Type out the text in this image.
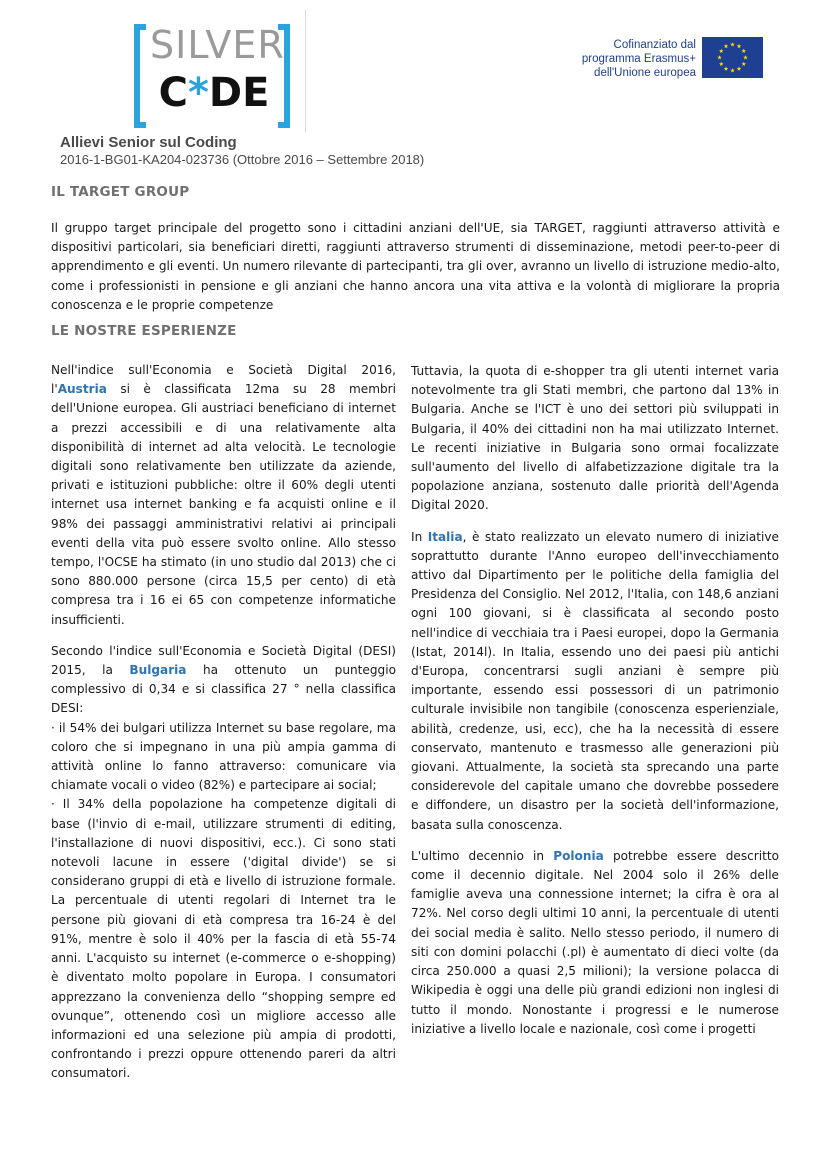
SILVER
C*DE
Cofinanziato dal
programma Erasmus+
dell'Unione europea
Allievi Senior sul Coding
2016-1-BG01-KA204-023736 (Ottobre 2016 – Settembre 2018)
IL TARGET GROUP
Il gruppo target principale del progetto sono i cittadini anziani dell'UE, sia TARGET, raggiunti attraverso attività e dispositivi particolari, sia beneficiari diretti, raggiunti attraverso strumenti di disseminazione, metodi peer-to-peer di apprendimento e gli eventi. Un numero rilevante di partecipanti, tra gli over, avranno un livello di istruzione medio-alto, come i professionisti in pensione e gli anziani che hanno ancora una vita attiva e la volontà di migliorare la propria conoscenza e le proprie competenze
LE NOSTRE ESPERIENZE

Nell'indice sull'Economia e Società Digital 2016, l'Austria si è classificata 12ma su 28 membri dell'Unione europea. Gli austriaci beneficiano di internet a prezzi accessibili e di una relativamente alta disponibilità di internet ad alta velocità. Le tecnologie digitali sono relativamente ben utilizzate da aziende, privati e istituzioni pubbliche: oltre il 60% degli utenti internet usa internet banking e fa acquisti online e il 98% dei passaggi amministrativi relativi ai principali eventi della vita può essere svolto online. Allo stesso tempo, l'OCSE ha stimato (in uno studio dal 2013) che ci sono 880.000 persone (circa 15,5 per cento) di età compresa tra i 16 ei 65 con competenze informatiche insufficienti.

Secondo l'indice sull'Economia e Società Digital (DESI) 2015, la Bulgaria ha ottenuto un punteggio complessivo di 0,34 e si classifica 27 ° nella classifica DESI:

· il 54% dei bulgari utilizza Internet su base regolare, ma coloro che si impegnano in una più ampia gamma di attività online lo fanno attraverso: comunicare via chiamate vocali o video (82%) e partecipare ai social;

· Il 34% della popolazione ha competenze digitali di base (l'invio di e-mail, utilizzare strumenti di editing, l'installazione di nuovi dispositivi, ecc.). Ci sono stati notevoli lacune in essere ('digital divide') se si considerano gruppi di età e livello di istruzione formale. La percentuale di utenti regolari di Internet tra le persone più giovani di età compresa tra 16-24 è del 91%, mentre è solo il 40% per la fascia di età 55-74 anni. L'acquisto su internet (e-commerce o e-shopping) è diventato molto popolare in Europa. I consumatori apprezzano la convenienza dello “shopping sempre ed ovunque”, ottenendo così un migliore accesso alle informazioni ed una selezione più ampia di prodotti, confrontando i prezzi oppure ottenendo pareri da altri consumatori.

Tuttavia, la quota di e-shopper tra gli utenti internet varia notevolmente tra gli Stati membri, che partono dal 13% in Bulgaria. Anche se l'ICT è uno dei settori più sviluppati in Bulgaria, il 40% dei cittadini non ha mai utilizzato Internet. Le recenti iniziative in Bulgaria sono ormai focalizzate sull'aumento del livello di alfabetizzazione digitale tra la popolazione anziana, sostenuto dalle priorità dell'Agenda Digital 2020.

In Italia, è stato realizzato un elevato numero di iniziative soprattutto durante l'Anno europeo dell'invecchiamento attivo dal Dipartimento per le politiche della famiglia del Presidenza del Consiglio. Nel 2012, l'Italia, con 148,6 anziani ogni 100 giovani, si è classificata al secondo posto nell'indice di vecchiaia tra i Paesi europei, dopo la Germania (Istat, 2014l). In Italia, essendo uno dei paesi più antichi d'Europa, concentrarsi sugli anziani è sempre più importante, essendo essi possessori di un patrimonio culturale invisibile non tangibile (conoscenza esperienziale, abilità, credenze, usi, ecc), che ha la necessità di essere conservato, mantenuto e trasmesso alle generazioni più giovani. Attualmente, la società sta sprecando una parte considerevole del capitale umano che dovrebbe possedere e diffondere, un disastro per la società dell'informazione, basata sulla conoscenza.

L'ultimo decennio in Polonia potrebbe essere descritto come il decennio digitale. Nel 2004 solo il 26% delle famiglie aveva una connessione internet; la cifra è ora al 72%. Nel corso degli ultimi 10 anni, la percentuale di utenti dei social media è salito. Nello stesso periodo, il numero di siti con domini polacchi (.pl) è aumentato di dieci volte (da circa 250.000 a quasi 2,5 milioni); la versione polacca di Wikipedia è oggi una delle più grandi edizioni non inglesi di tutto il mondo. Nonostante i progressi e le numerose iniziative a livello locale e nazionale, così come i progetti
